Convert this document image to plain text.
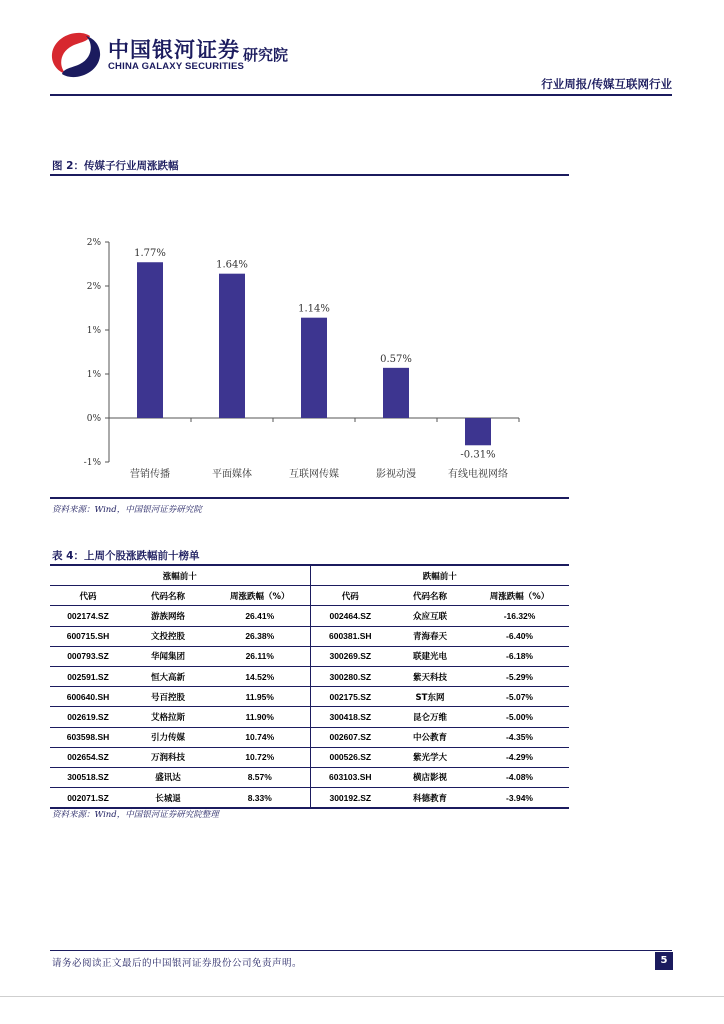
中国银河证券
CHINA GALAXY SECURITIES
研究院
行业周报/传媒互联网行业
图 2：传媒子行业周涨跌幅
-1%
0%
1%
1%
2%
2%
1.77%
营销传播
1.64%
平面媒体
1.14%
互联网传媒
0.57%
影视动漫
-0.31%
有线电视网络
资料来源：Wind，中国银河证券研究院
表 4：上周个股涨跌幅前十榜单
涨幅前十			跌幅前十		
代码	代码名称	周涨跌幅（%）	代码	代码名称	周涨跌幅（%）
002174.SZ	游族网络	26.41%	002464.SZ	众应互联	-16.32%
600715.SH	文投控股	26.38%	600381.SH	青海春天	-6.40%
000793.SZ	华闻集团	26.11%	300269.SZ	联建光电	-6.18%
002591.SZ	恒大高新	14.52%	300280.SZ	紫天科技	-5.29%
600640.SH	号百控股	11.95%	002175.SZ	ST东网	-5.07%
002619.SZ	艾格拉斯	11.90%	300418.SZ	昆仑万维	-5.00%
603598.SH	引力传媒	10.74%	002607.SZ	中公教育	-4.35%
002654.SZ	万润科技	10.72%	000526.SZ	紫光学大	-4.29%
300518.SZ	盛讯达	8.57%	603103.SH	横店影视	-4.08%
002071.SZ	长城退	8.33%	300192.SZ	科德教育	-3.94%
资料来源：Wind，中国银河证券研究院整理
请务必阅读正文最后的中国银河证券股份公司免责声明。	5
